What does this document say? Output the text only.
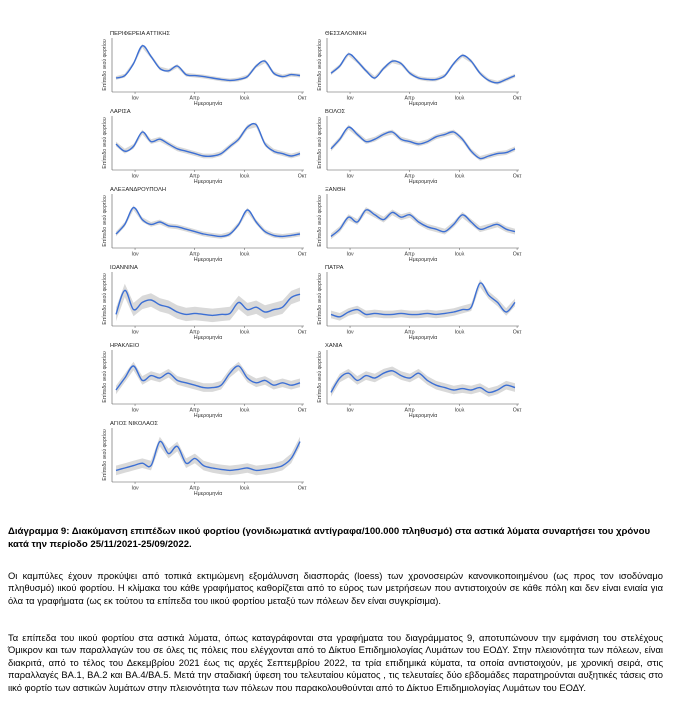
ΠΕΡΙΦΕΡΕΙΑ ΑΤΤΙΚΗΣ
Επίπεδο ιικού φορτίου
Ιαν	Απρ	Ιουλ	Οκτ
Ημερομηνία
ΘΕΣΣΑΛΟΝΙΚΗ
Επίπεδο ιικού φορτίου
Ιαν	Απρ	Ιουλ	Οκτ
Ημερομηνία
ΛΑΡΙΣΑ
Επίπεδο ιικού φορτίου
Ιαν	Απρ	Ιουλ	Οκτ
Ημερομηνία
ΒΟΛΟΣ
Επίπεδο ιικού φορτίου
Ιαν	Απρ	Ιουλ	Οκτ
Ημερομηνία
ΑΛΕΞΑΝΔΡΟΥΠΟΛΗ
Επίπεδο ιικού φορτίου
Ιαν	Απρ	Ιουλ	Οκτ
Ημερομηνία
ΞΑΝΘΗ
Επίπεδο ιικού φορτίου
Ιαν	Απρ	Ιουλ	Οκτ
Ημερομηνία
ΙΩΑΝΝΙΝΑ
Επίπεδο ιικού φορτίου
Ιαν	Απρ	Ιουλ	Οκτ
Ημερομηνία
ΠΑΤΡΑ
Επίπεδο ιικού φορτίου
Ιαν	Απρ	Ιουλ	Οκτ
Ημερομηνία
ΗΡΑΚΛΕΙΟ
Επίπεδο ιικού φορτίου
Ιαν	Απρ	Ιουλ	Οκτ
Ημερομηνία
ΧΑΝΙΑ
Επίπεδο ιικού φορτίου
Ιαν	Απρ	Ιουλ	Οκτ
Ημερομηνία
ΑΓΙΟΣ ΝΙΚΟΛΑΟΣ
Επίπεδο ιικού φορτίου
Ιαν	Απρ	Ιουλ	Οκτ
Ημερομηνία
Διάγραμμα 9: Διακύμανση επιπέδων ιικού φορτίου (γονιδιωματικά αντίγραφα/100.000 πληθυσμό) στα αστικά λύματα συναρτήσει του χρόνου κατά την περίοδο 25/11/2021-25/09/2022.
Οι καμπύλες έχουν προκύψει από τοπικά εκτιμώμενη εξομάλυνση διασποράς (loess) των χρονοσειρών κανονικοποιημένου (ως προς τον ισοδύναμο πληθυσμό) ιικού φορτίου. Η κλίμακα του κάθε γραφήματος καθορίζεται από το εύρος των μετρήσεων που αντιστοιχούν σε κάθε πόλη και δεν είναι ενιαία για όλα τα γραφήματα (ως εκ τούτου τα επίπεδα του ιικού φορτίου μεταξύ των πόλεων δεν είναι συγκρίσιμα).
Τα επίπεδα του ιικού φορτίου στα αστικά λύματα, όπως καταγράφονται στα γραφήματα του διαγράμματος 9, αποτυπώνουν την εμφάνιση του στελέχους Όμικρον και των παραλλαγών του σε όλες τις πόλεις που ελέγχονται από το Δίκτυο Επιδημιολογίας Λυμάτων του ΕΟΔΥ. Στην πλειονότητα των πόλεων, είναι διακριτά, από το τέλος του Δεκεμβρίου 2021 έως τις αρχές Σεπτεμβρίου 2022, τα τρία επιδημικά κύματα, τα οποία αντιστοιχούν, με χρονική σειρά, στις παραλλαγές BA.1, BA.2 και BA.4/BA.5. Μετά την σταδιακή ύφεση του τελευταίου κύματος , τις τελευταίες δύο εβδομάδες παρατηρούνται αυξητικές τάσεις στο ιικό φορτίο των αστικών λυμάτων στην πλειονότητα των πόλεων που παρακολουθούνται από το Δίκτυο Επιδημιολογίας Λυμάτων του ΕΟΔΥ.
